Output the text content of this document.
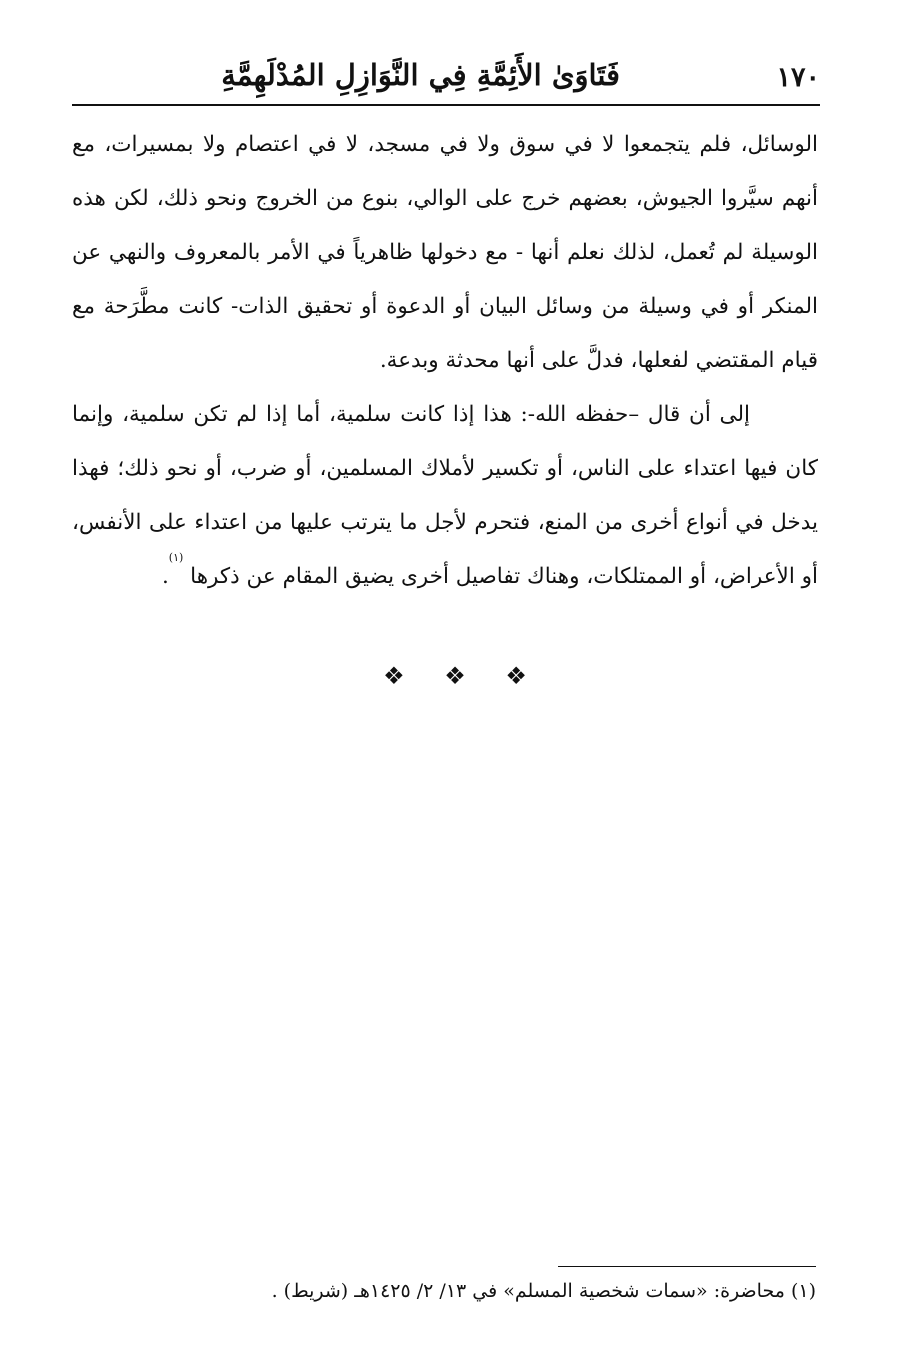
١٧٠
فَتَاوَىٰ الأَئِمَّةِ فِي النَّوَازِلِ المُدْلَهِمَّةِ

الوسائل، فلم يتجمعوا لا في سوق ولا في مسجد، لا في اعتصام ولا بمسيرات، مع أنهم سيَّروا الجيوش، بعضهم خرج على الوالي، بنوع من الخروج ونحو ذلك، لكن هذه الوسيلة لم تُعمل، لذلك نعلم أنها - مع دخولها ظاهرياً في الأمر بالمعروف والنهي عن المنكر أو في وسيلة من وسائل البيان أو الدعوة أو تحقيق الذات- كانت مطَّرَحة مع قيام المقتضي لفعلها، فدلَّ على أنها محدثة وبدعة.

إلى أن قال –حفظه الله-: هذا إذا كانت سلمية، أما إذا لم تكن سلمية، وإنما كان فيها اعتداء على الناس، أو تكسير لأملاك المسلمين، أو ضرب، أو نحو ذلك؛ فهذا يدخل في أنواع أخرى من المنع، فتحرم لأجل ما يترتب عليها من اعتداء على الأنفس، أو الأعراض، أو الممتلكات، وهناك تفاصيل أخرى يضيق المقام عن ذكرها $^{(١)}$.

❖ ❖ ❖
(١) محاضرة: «سمات شخصية المسلم» في ١٣/ ٢/ ١٤٢٥هـ (شريط) .
